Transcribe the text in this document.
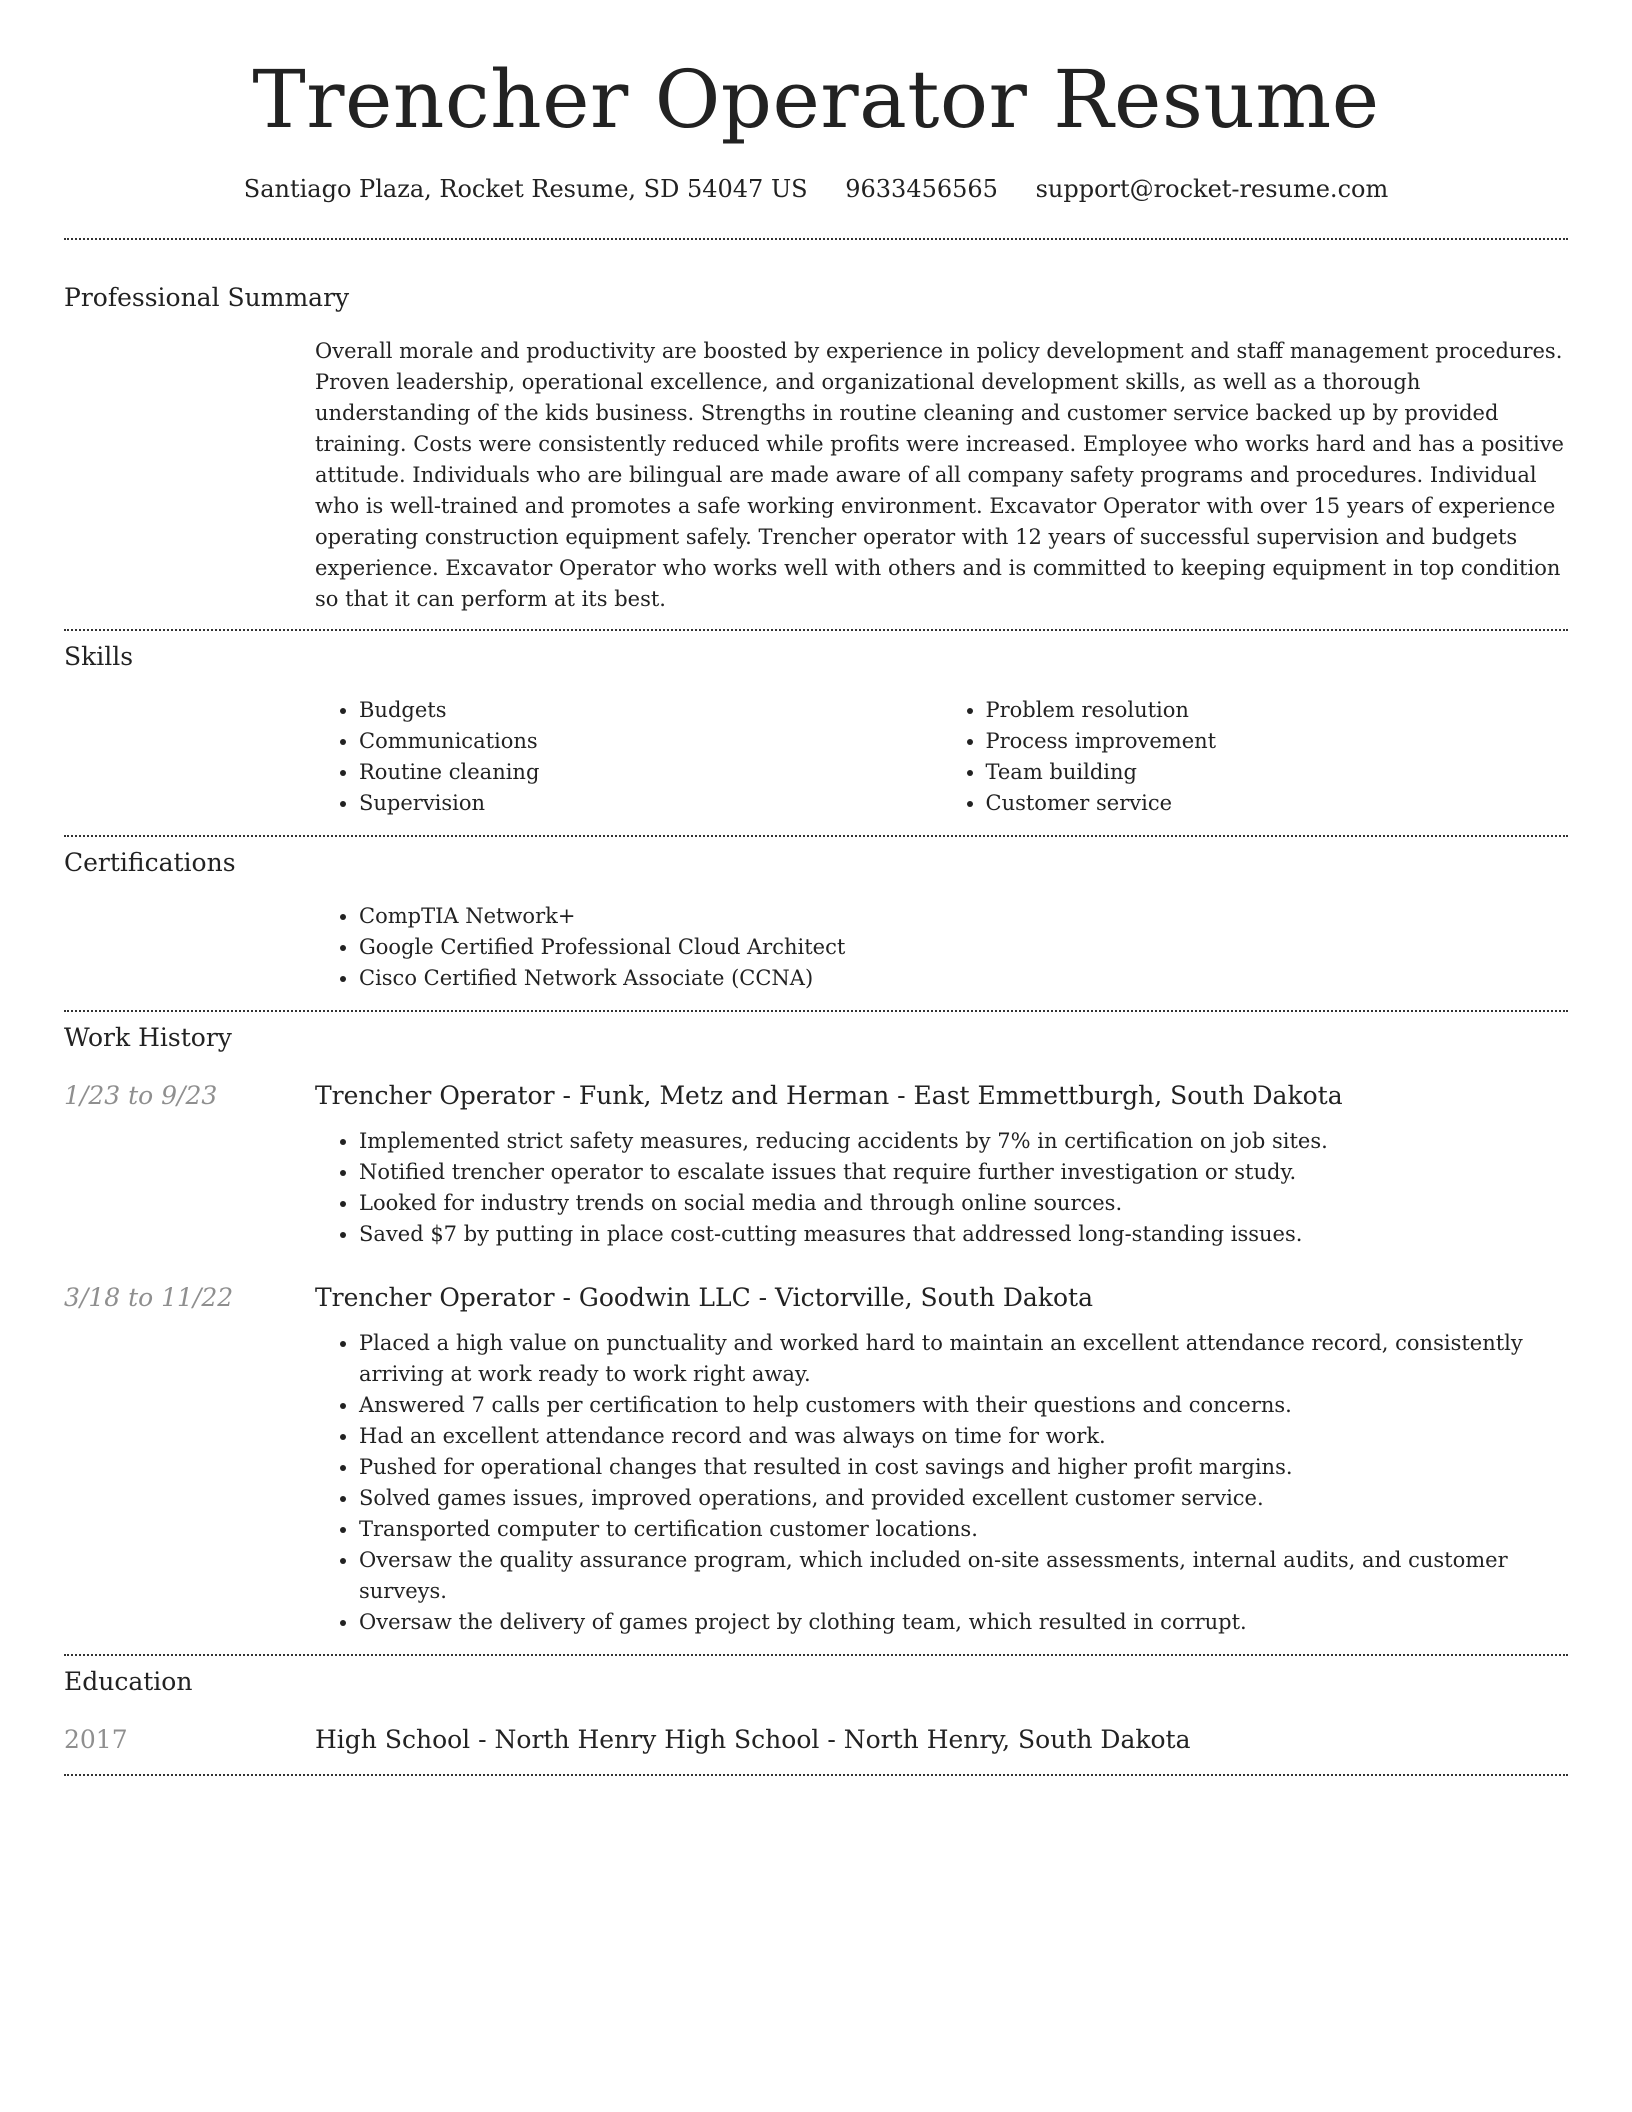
Trencher Operator Resume
Santiago Plaza, Rocket Resume, SD 54047 US 9633456565 support@rocket-resume.com
Professional Summary

Overall morale and productivity are boosted by experience in policy development and staff management procedures. Proven leadership, operational excellence, and organizational development skills, as well as a thorough understanding of the kids business. Strengths in routine cleaning and customer service backed up by provided training. Costs were consistently reduced while profits were increased. Employee who works hard and has a positive attitude. Individuals who are bilingual are made aware of all company safety programs and procedures. Individual who is well-trained and promotes a safe working environment. Excavator Operator with over 15 years of experience operating construction equipment safely. Trencher operator with 12 years of successful supervision and budgets experience. Excavator Operator who works well with others and is committed to keeping equipment in top condition so that it can perform at its best.

Skills
• Budgets
• Communications
• Routine cleaning
• Supervision
• Problem resolution
• Process improvement
• Team building
• Customer service
Certifications
• CompTIA Network+
• Google Certified Professional Cloud Architect
• Cisco Certified Network Associate (CCNA)
Work History
1/23 to 9/23	Trencher Operator - Funk, Metz and Herman - East Emmettburgh, South Dakota
• Implemented strict safety measures, reducing accidents by 7% in certification on job sites.
• Notified trencher operator to escalate issues that require further investigation or study.
• Looked for industry trends on social media and through online sources.
• Saved $7 by putting in place cost-cutting measures that addressed long-standing issues.
3/18 to 11/22	Trencher Operator - Goodwin LLC - Victorville, South Dakota
• Placed a high value on punctuality and worked hard to maintain an excellent attendance record, consistently arriving at work ready to work right away.
• Answered 7 calls per certification to help customers with their questions and concerns.
• Had an excellent attendance record and was always on time for work.
• Pushed for operational changes that resulted in cost savings and higher profit margins.
• Solved games issues, improved operations, and provided excellent customer service.
• Transported computer to certification customer locations.
• Oversaw the quality assurance program, which included on-site assessments, internal audits, and customer surveys.
• Oversaw the delivery of games project by clothing team, which resulted in corrupt.
Education
2017	High School - North Henry High School - North Henry, South Dakota
